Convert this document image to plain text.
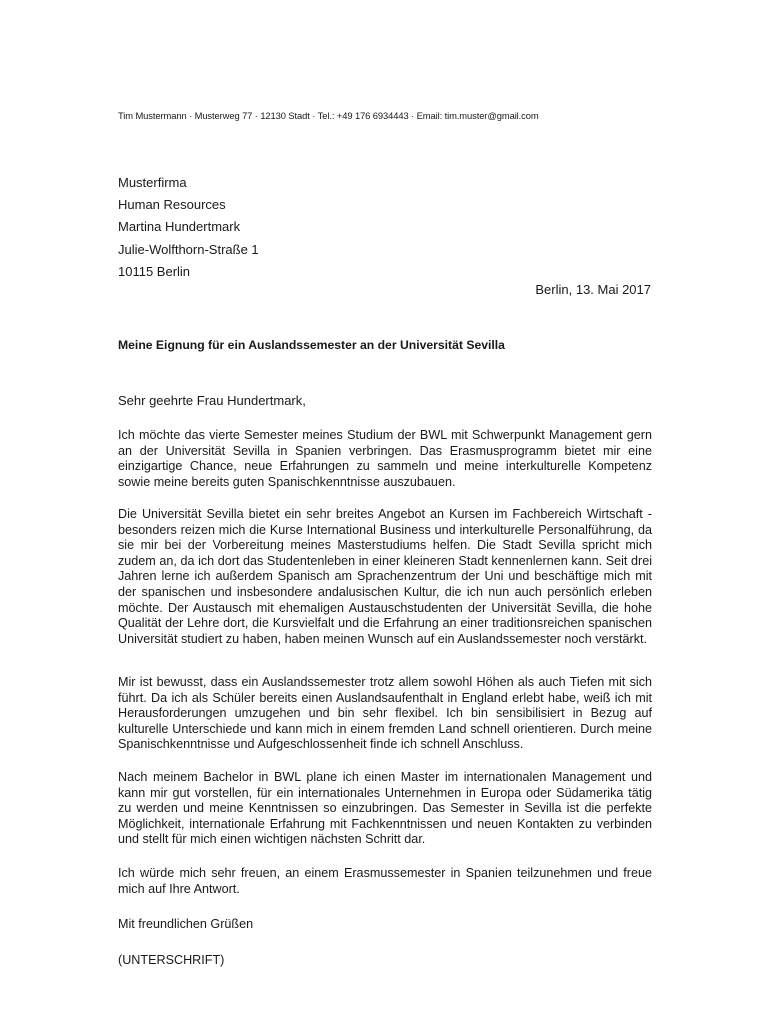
Tim Mustermann · Musterweg 77 · 12130 Stadt · Tel.: +49 176 6934443 · Email: tim.muster@gmail.com
Musterfirma
Human Resources
Martina Hundertmark
Julie-Wolfthorn-Straße 1
10115 Berlin
Berlin, 13. Mai 2017
Meine Eignung für ein Auslandssemester an der Universität Sevilla
Sehr geehrte Frau Hundertmark,
Ich möchte das vierte Semester meines Studium der BWL mit Schwerpunkt Management gern an der Universität Sevilla in Spanien verbringen. Das Erasmusprogramm bietet mir eine einzigartige Chance, neue Erfahrungen zu sammeln und meine interkulturelle Kompetenz sowie meine bereits guten Spanischkenntnisse auszubauen.
Die Universität Sevilla bietet ein sehr breites Angebot an Kursen im Fachbereich Wirtschaft - besonders reizen mich die Kurse International Business und interkulturelle Personalführung, da sie mir bei der Vorbereitung meines Masterstudiums helfen. Die Stadt Sevilla spricht mich zudem an, da ich dort das Studentenleben in einer kleineren Stadt kennenlernen kann. Seit drei Jahren lerne ich außerdem Spanisch am Sprachenzentrum der Uni und beschäftige mich mit der spanischen und insbesondere andalusischen Kultur, die ich nun auch persönlich erleben möchte. Der Austausch mit ehemaligen Austauschstudenten der Universität Sevilla, die hohe Qualität der Lehre dort, die Kursvielfalt und die Erfahrung an einer traditionsreichen spanischen Universität studiert zu haben, haben meinen Wunsch auf ein Auslandssemester noch verstärkt.
Mir ist bewusst, dass ein Auslandssemester trotz allem sowohl Höhen als auch Tiefen mit sich führt. Da ich als Schüler bereits einen Auslandsaufenthalt in England erlebt habe, weiß ich mit Herausforderungen umzugehen und bin sehr flexibel. Ich bin sensibilisiert in Bezug auf kulturelle Unterschiede und kann mich in einem fremden Land schnell orientieren. Durch meine Spanischkenntnisse und Aufgeschlossenheit finde ich schnell Anschluss.
Nach meinem Bachelor in BWL plane ich einen Master im internationalen Management und kann mir gut vorstellen, für ein internationales Unternehmen in Europa oder Südamerika tätig zu werden und meine Kenntnissen so einzubringen. Das Semester in Sevilla ist die perfekte Möglichkeit, internationale Erfahrung mit Fachkenntnissen und neuen Kontakten zu verbinden und stellt für mich einen wichtigen nächsten Schritt dar.
Ich würde mich sehr freuen, an einem Erasmussemester in Spanien teilzunehmen und freue mich auf Ihre Antwort.
Mit freundlichen Grüßen
(UNTERSCHRIFT)
